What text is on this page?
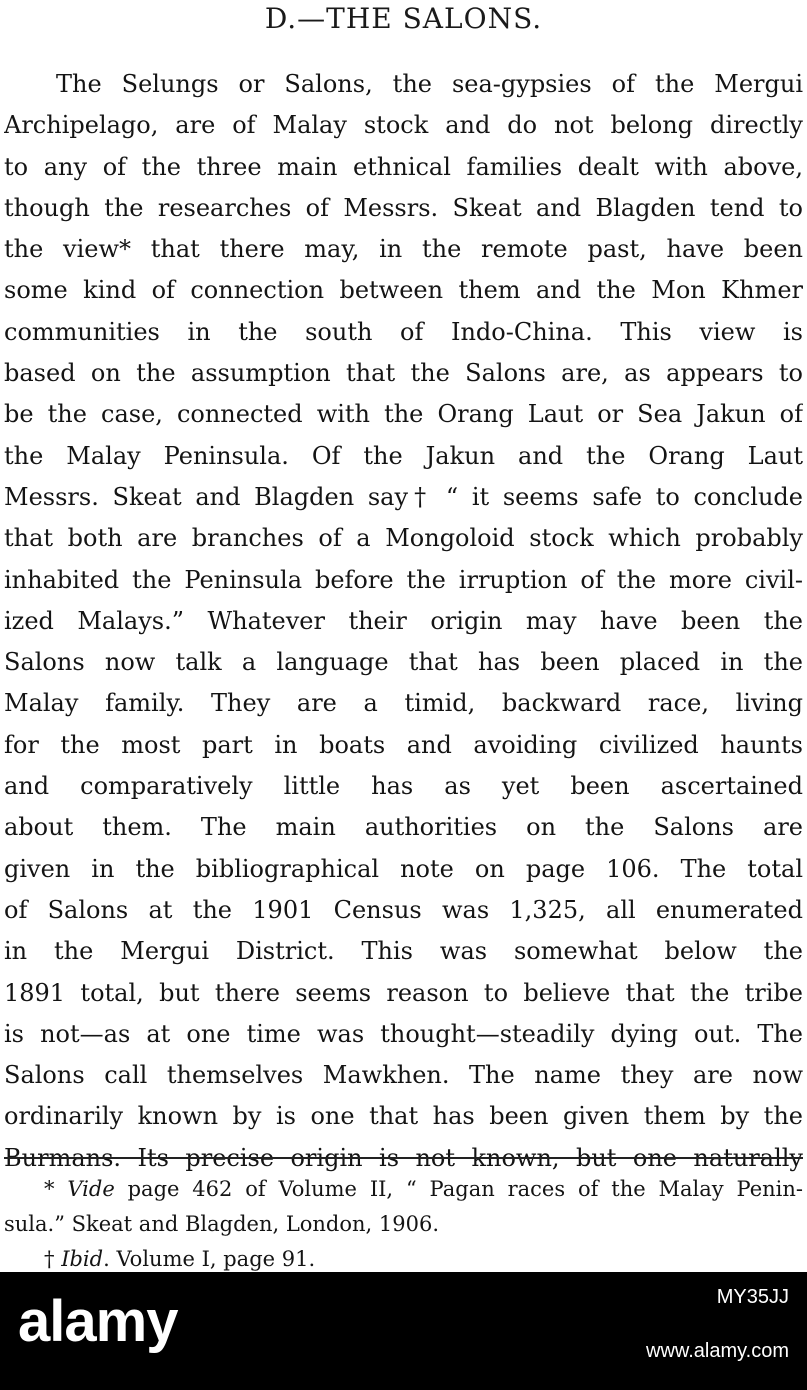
D.—THE SALONS.
The Selungs or Salons, the sea-gypsies of the Mergui
Archipelago, are of Malay stock and do not belong directly
to any of the three main ethnical families dealt with above,
though the researches of Messrs. Skeat and Blagden tend to
the view* that there may, in the remote past, have been
some kind of connection between them and the Mon Khmer
communities in the south of Indo-China. This view is
based on the assumption that the Salons are, as appears to
be the case, connected with the Orang Laut or Sea Jakun of
the Malay Peninsula. Of the Jakun and the Orang Laut
Messrs. Skeat and Blagden say† “ it seems safe to conclude
that both are branches of a Mongoloid stock which probably
inhabited the Peninsula before the irruption of the more civil-
ized Malays.” Whatever their origin may have been the
Salons now talk a language that has been placed in the
Malay family. They are a timid, backward race, living
for the most part in boats and avoiding civilized haunts
and comparatively little has as yet been ascertained
about them. The main authorities on the Salons are
given in the bibliographical note on page 106. The total
of Salons at the 1901 Census was 1,325, all enumerated
in the Mergui District. This was somewhat below the
1891 total, but there seems reason to believe that the tribe
is not—as at one time was thought—steadily dying out. The
Salons call themselves Mawkhen. The name they are now
ordinarily known by is one that has been given them by the
Burmans. Its precise origin is not known, but one naturally
* Vide page 462 of Volume II, “ Pagan races of the Malay Penin-
sula.” Skeat and Blagden, London, 1906.
† Ibid. Volume I, page 91.
alamy	MY35JJ
www.alamy.com
